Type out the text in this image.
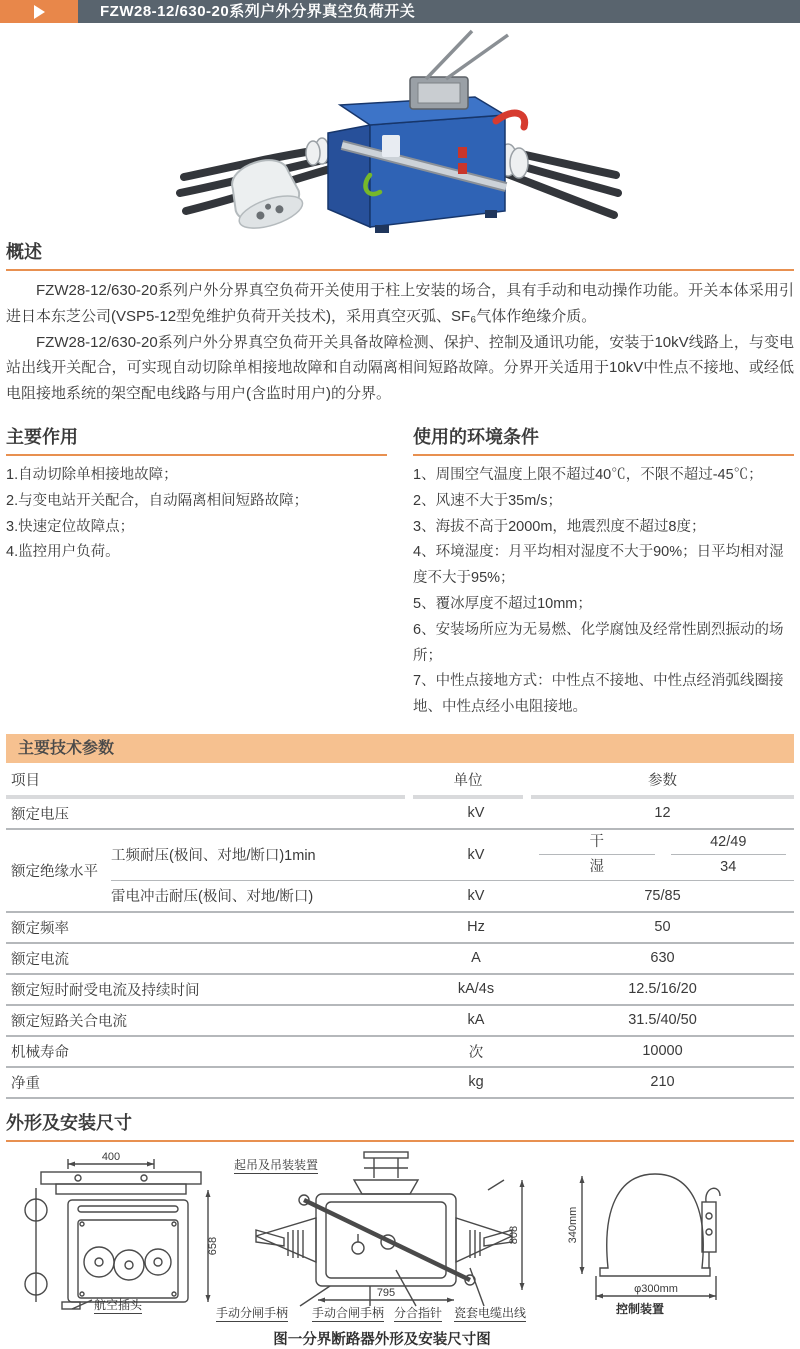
FZW28-12/630-20系列户外分界真空负荷开关
概述

FZW28-12/630-20系列户外分界真空负荷开关使用于柱上安装的场合，具有手动和电动操作功能。开关本体采用引进日本东芝公司(VSP5-12型免维护负荷开关技术)，采用真空灭弧、SF₆气体作绝缘介质。

FZW28-12/630-20系列户外分界真空负荷开关具备故障检测、保护、控制及通讯功能，安装于10kV线路上，与变电站出线开关配合，可实现自动切除单相接地故障和自动隔离相间短路故障。分界开关适用于10kV中性点不接地、或经低电阻接地系统的架空配电线路与用户(含监时用户)的分界。

主要作用

1.自动切除单相接地故障；

2.与变电站开关配合，自动隔离相间短路故障；

3.快速定位故障点；

4.监控用户负荷。

使用的环境条件

1、周围空气温度上限不超过40℃，不限不超过-45℃；

2、风速不大于35m/s；

3、海拔不高于2000m，地震烈度不超过8度；

4、环境湿度：月平均相对湿度不大于90%；日平均相对湿度不大于95%；

5、覆冰厚度不超过10mm；

6、安装场所应为无易燃、化学腐蚀及经常性剧烈振动的场所；

7、中性点接地方式：中性点不接地、中性点经消弧线圈接地、中性点经小电阻接地。

主要技术参数
项目	单位	参数
额定电压	kV	12
额定绝缘水平
工频耐压(极间、对地/断口)1min	kV
干	42/49
湿	34
雷电冲击耐压(极间、对地/断口)	kV	75/85
额定频率	Hz	50
额定电流	A	630
额定短时耐受电流及持续时间	kA/4s	12.5/16/20
额定短路关合电流	kA	31.5/40/50
机械寿命	次	10000
净重	kg	210
外形及安装尺寸
400
658
航空插头
808
795
起吊及吊装装置
340mm
φ300mm
控制装置
手动分闸手柄 手动合闸手柄 分合指针 瓷套电缆出线
图一分界断路器外形及安装尺寸图
